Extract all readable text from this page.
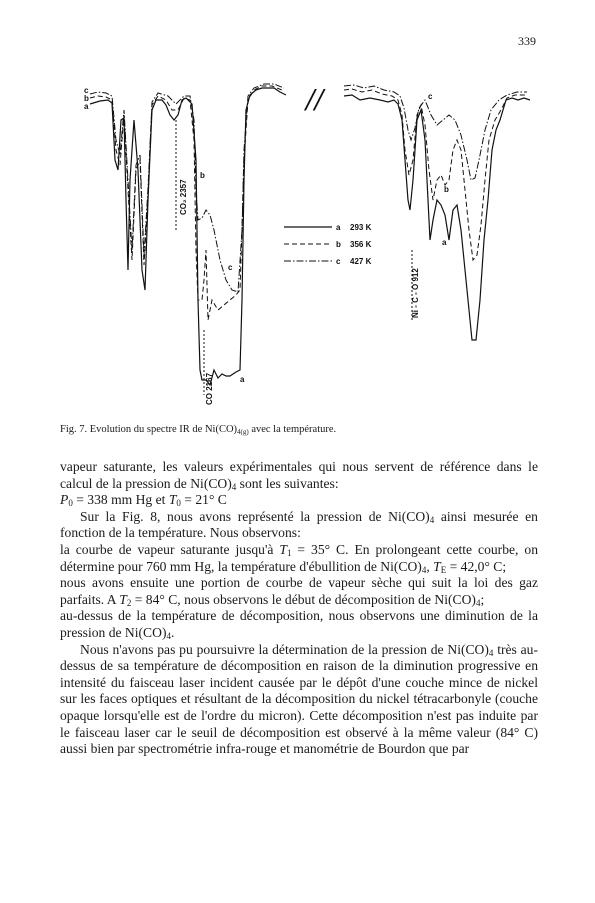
339
//
CO₂ 2357
CO 2167
Ni - C - O 912
c
b
a
b
c
a
c
b
a
a 293 K
b 356 K
c 427 K
Fig. 7. Evolution du spectre IR de $Ni(CO)_{4(g)}$ avec la température.

vapeur saturante, les valeurs expérimentales qui nous servent de référence dans le calcul de la pression de $Ni(CO)_4$ sont les suivantes:

$P_0 = 338$ mm Hg et $T_0 = 21^\circ$ C

Sur la Fig. 8, nous avons représenté la pression de $Ni(CO)_4$ ainsi mesurée en fonction de la température. Nous observons:

la courbe de vapeur saturante jusqu'à $T_1 = 35^\circ$ C. En prolongeant cette courbe, on détermine pour 760 mm Hg, la température d'ébullition de $Ni(CO)_4$, $T_E = 42,0^\circ$ C;

nous avons ensuite une portion de courbe de vapeur sèche qui suit la loi des gaz parfaits. A $T_2 = 84^\circ$ C, nous observons le début de décomposition de $Ni(CO)_4$;

au-dessus de la température de décomposition, nous observons une diminution de la pression de $Ni(CO)_4$.

Nous n'avons pas pu poursuivre la détermination de la pression de $Ni(CO)_4$ très au-dessus de sa température de décomposition en raison de la diminution progressive en intensité du faisceau laser incident causée par le dépôt d'une couche mince de nickel sur les faces optiques et résultant de la décomposition du nickel tétracarbonyle (couche opaque lorsqu'elle est de l'ordre du micron). Cette décomposition n'est pas induite par le faisceau laser car le seuil de décomposition est observé à la même valeur (84° C) aussi bien par spectrométrie infra-rouge et manométrie de Bourdon que par
